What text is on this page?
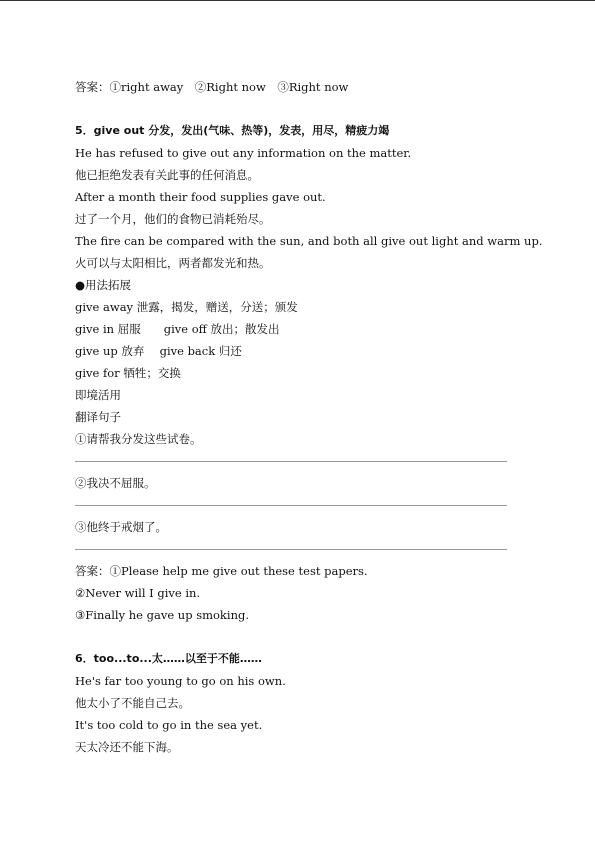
答案：①right away　②Right now　③Right now
5．give out 分发，发出(气味、热等)，发表，用尽，精疲力竭
He has refused to give out any information on the matter.
他已拒绝发表有关此事的任何消息。
After a month their food supplies gave out.
过了一个月，他们的食物已消耗殆尽。
The fire can be compared with the sun, and both all give out light and warm up.
火可以与太阳相比，两者都发光和热。
●用法拓展
give away 泄露，揭发，赠送，分送；颁发
give in 屈服　　give off 放出；散发出
give up 放弃　 give back 归还
give for 牺牲；交换
即境活用
翻译句子
①请帮我分发这些试卷。
②我决不屈服。
③他终于戒烟了。
答案：①Please help me give out these test papers.
②Never will I give in.
③Finally he gave up smoking.
6．too...to...太……以至于不能……
He's far too young to go on his own.
他太小了不能自己去。
It's too cold to go in the sea yet.
天太冷还不能下海。
